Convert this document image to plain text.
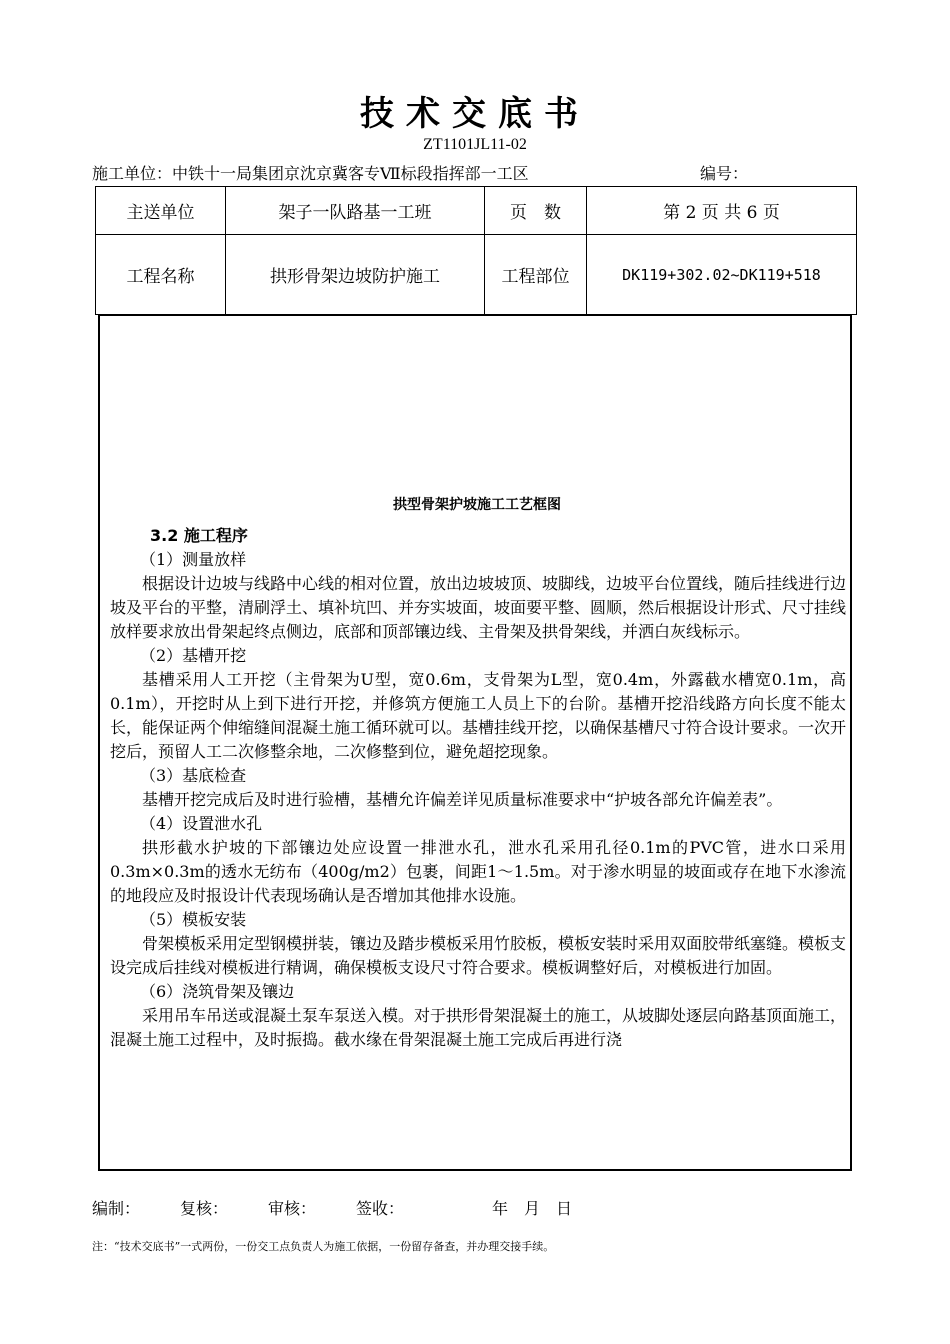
技术交底书
ZT1101JL11-02
施工单位：中铁十一局集团京沈京冀客专Ⅶ标段指挥部一工区	编号：
主送单位	架子一队路基一工班	页　数	第 2 页 共 6 页
工程名称	拱形骨架边坡防护施工	工程部位	DK119+302.02~DK119+518
拱型骨架护坡施工工艺框图

3.2 施工程序

（1）测量放样

根据设计边坡与线路中心线的相对位置，放出边坡坡顶、坡脚线，边坡平台位置线，随后挂线进行边坡及平台的平整，清刷浮土、填补坑凹、并夯实坡面，坡面要平整、圆顺，然后根据设计形式、尺寸挂线放样要求放出骨架起终点侧边，底部和顶部镶边线、主骨架及拱骨架线，并洒白灰线标示。

（2）基槽开挖

基槽采用人工开挖（主骨架为U型，宽0.6m，支骨架为L型，宽0.4m，外露截水槽宽0.1m，高0.1m），开挖时从上到下进行开挖，并修筑方便施工人员上下的台阶。基槽开挖沿线路方向长度不能太长，能保证两个伸缩缝间混凝土施工循环就可以。基槽挂线开挖，以确保基槽尺寸符合设计要求。一次开挖后，预留人工二次修整余地，二次修整到位，避免超挖现象。

（3）基底检查

基槽开挖完成后及时进行验槽，基槽允许偏差详见质量标准要求中“护坡各部允许偏差表”。

（4）设置泄水孔

拱形截水护坡的下部镶边处应设置一排泄水孔，泄水孔采用孔径0.1m的PVC管，进水口采用0.3m×0.3m的透水无纺布（400g/m2）包裹，间距1～1.5m。对于渗水明显的坡面或存在地下水渗流的地段应及时报设计代表现场确认是否增加其他排水设施。

（5）模板安装

骨架模板采用定型钢模拼装，镶边及踏步模板采用竹胶板，模板安装时采用双面胶带纸塞缝。模板支设完成后挂线对模板进行精调，确保模板支设尺寸符合要求。模板调整好后，对模板进行加固。

（6）浇筑骨架及镶边

采用吊车吊送或混凝土泵车泵送入模。对于拱形骨架混凝土的施工，从坡脚处逐层向路基顶面施工，混凝土施工过程中，及时振捣。截水缘在骨架混凝土施工完成后再进行浇

编制：　　　复核：　　　审核：　　　签收：　　　　　　年　月　日
注：“技术交底书”一式两份，一份交工点负责人为施工依据，一份留存备查，并办理交接手续。
